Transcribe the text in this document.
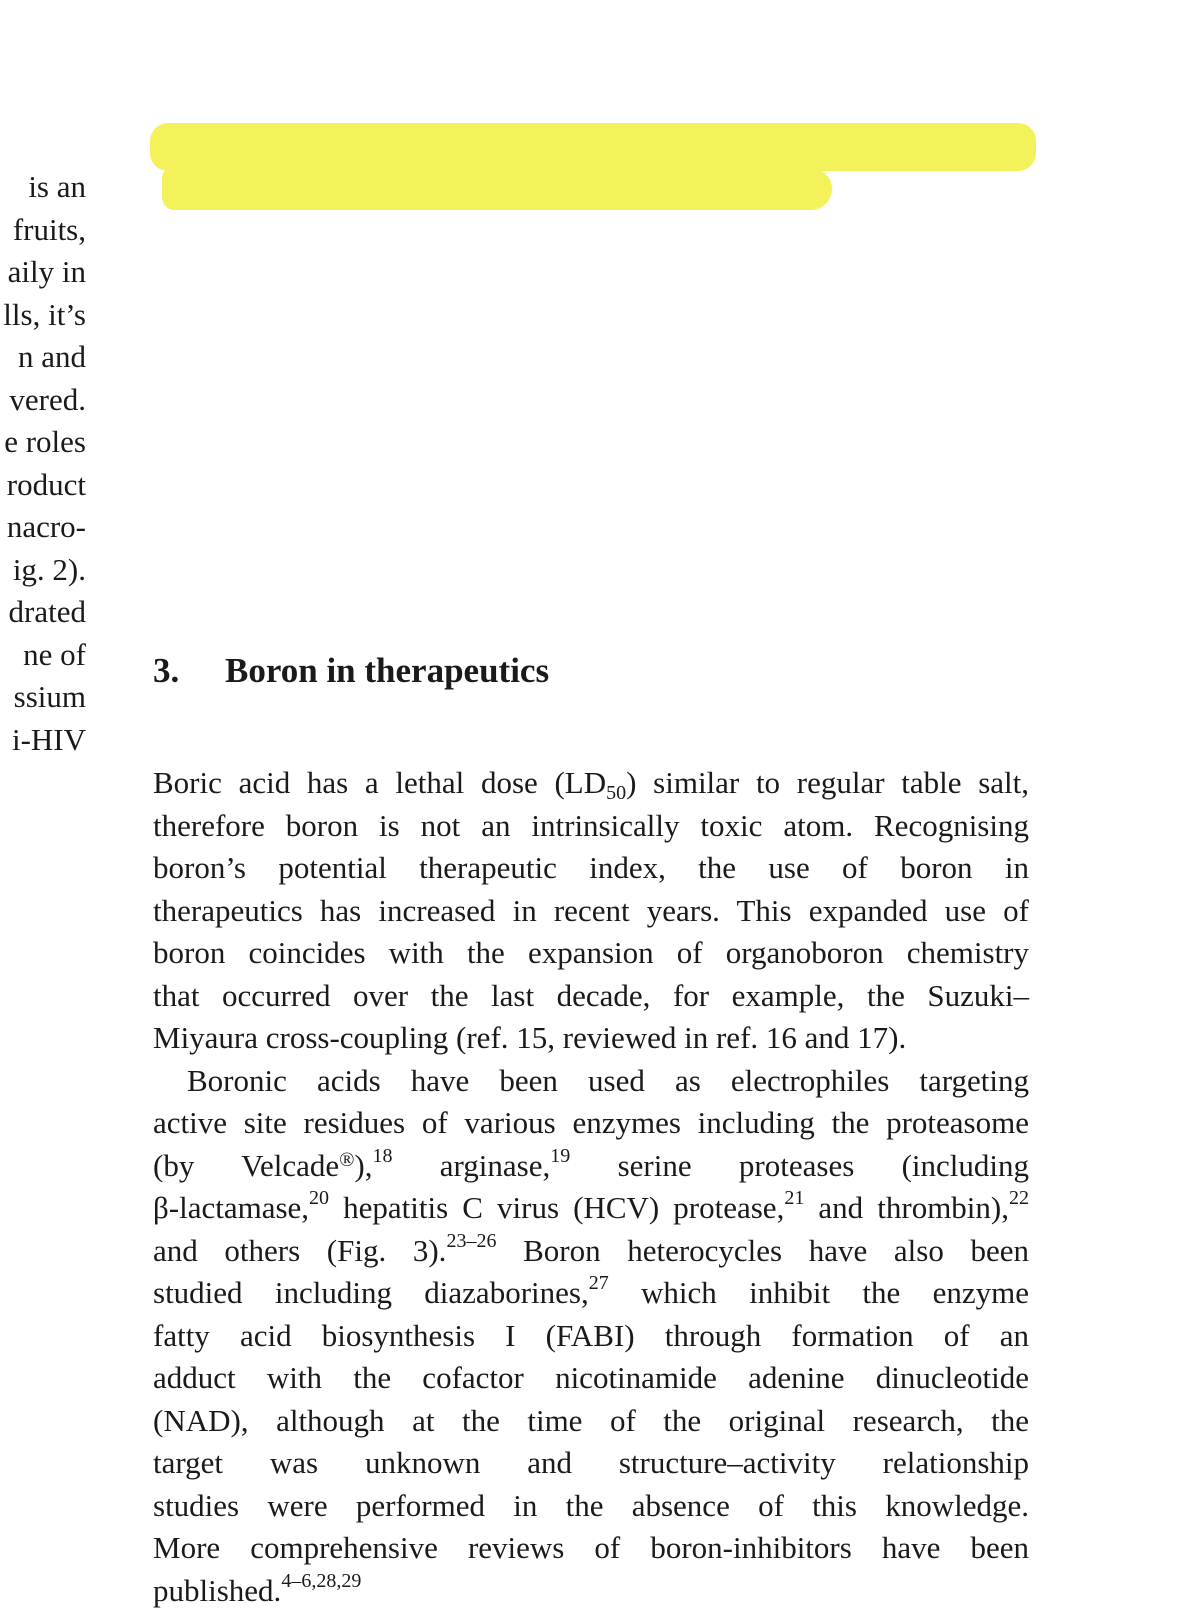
is an
fruits,
aily in
lls, it’s
n and
vered.
e roles
roduct
nacro-
ig. 2).
drated
ne of
ssium
i-HIV
3. Boron in therapeutics

Boric acid has a lethal dose $(LD_{50})$ similar to regular table salt,
therefore boron is not an intrinsically toxic atom. Recognising
boron’s potential therapeutic index, the use of boron in
therapeutics has increased in recent years. This expanded use of
boron coincides with the expansion of organoboron chemistry
that occurred over the last decade, for example, the Suzuki–
Miyaura cross-coupling (ref. 15, reviewed in ref. 16 and 17).

Boronic acids have been used as electrophiles targeting
active site residues of various enzymes including the proteasome
(by Velcade®),$^{18}$ arginase,$^{19}$ serine proteases (including
β-lactamase,$^{20}$ hepatitis C virus (HCV) protease,$^{21}$ and thrombin),$^{22}$
and others (Fig. 3).$^{23-26}$ Boron heterocycles have also been
studied including diazaborines,$^{27}$ which inhibit the enzyme
fatty acid biosynthesis I (FABI) through formation of an
adduct with the cofactor nicotinamide adenine dinucleotide
(NAD), although at the time of the original research, the
target was unknown and structure–activity relationship
studies were performed in the absence of this knowledge.
More comprehensive reviews of boron-inhibitors have been
published.$^{4-6,28,29}$
